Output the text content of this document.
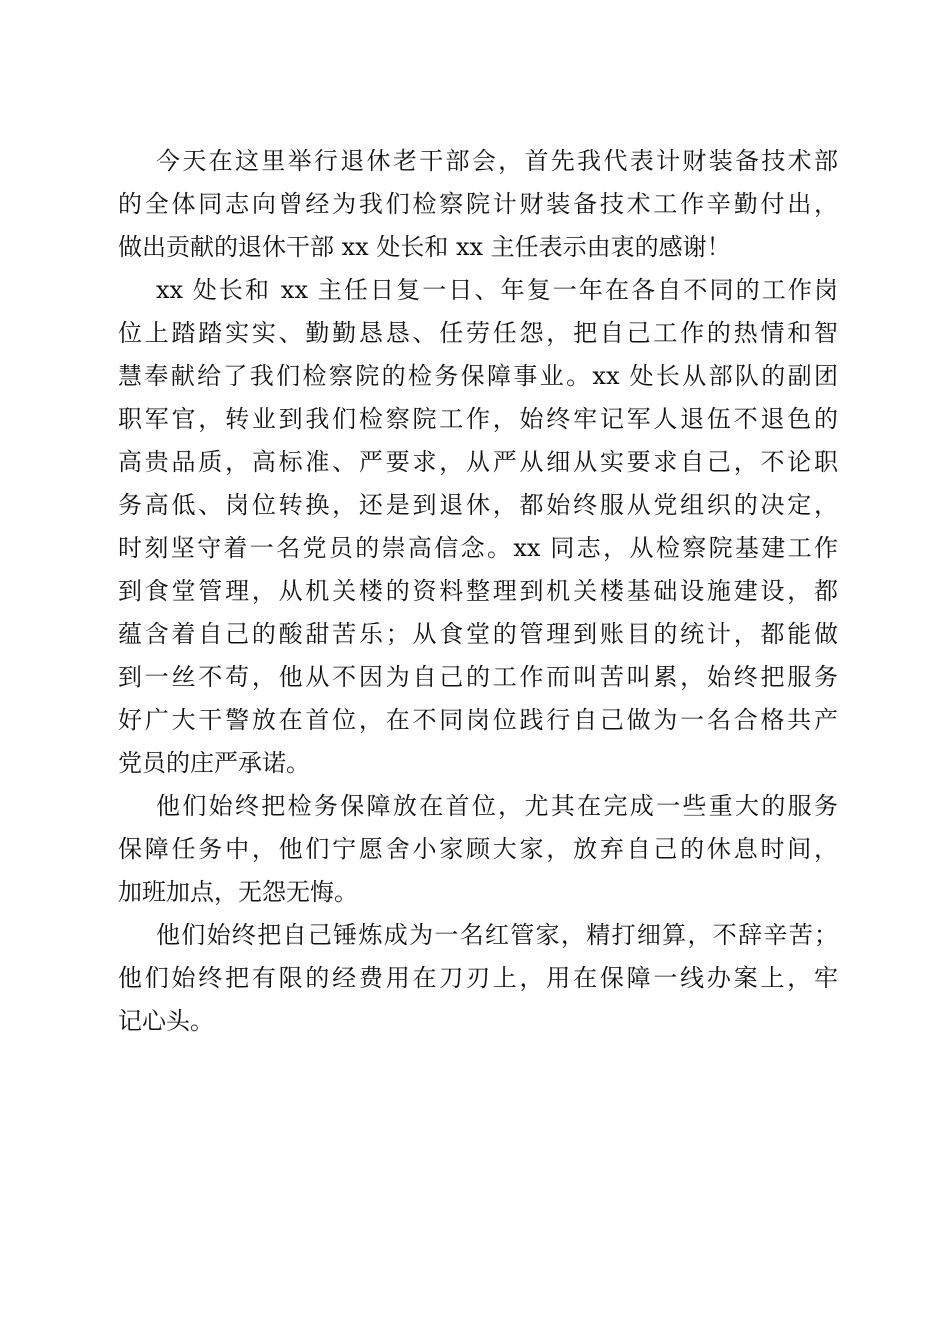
今天在这里举行退休老干部会，首先我代表计财装备技术部
的全体同志向曾经为我们检察院计财装备技术工作辛勤付出，
做出贡献的退休干部 xx 处长和 xx 主任表示由衷的感谢！
xx 处长和 xx 主任日复一日、年复一年在各自不同的工作岗
位上踏踏实实、勤勤恳恳、任劳任怨，把自己工作的热情和智
慧奉献给了我们检察院的检务保障事业。xx 处长从部队的副团
职军官，转业到我们检察院工作，始终牢记军人退伍不退色的
高贵品质，高标准、严要求，从严从细从实要求自己，不论职
务高低、岗位转换，还是到退休，都始终服从党组织的决定，
时刻坚守着一名党员的崇高信念。xx 同志，从检察院基建工作
到食堂管理，从机关楼的资料整理到机关楼基础设施建设，都
蕴含着自己的酸甜苦乐；从食堂的管理到账目的统计，都能做
到一丝不苟，他从不因为自己的工作而叫苦叫累，始终把服务
好广大干警放在首位，在不同岗位践行自己做为一名合格共产
党员的庄严承诺。
他们始终把检务保障放在首位，尤其在完成一些重大的服务
保障任务中，他们宁愿舍小家顾大家，放弃自己的休息时间，
加班加点，无怨无悔。
他们始终把自己锤炼成为一名红管家，精打细算，不辞辛苦；
他们始终把有限的经费用在刀刃上，用在保障一线办案上，牢
记心头。
